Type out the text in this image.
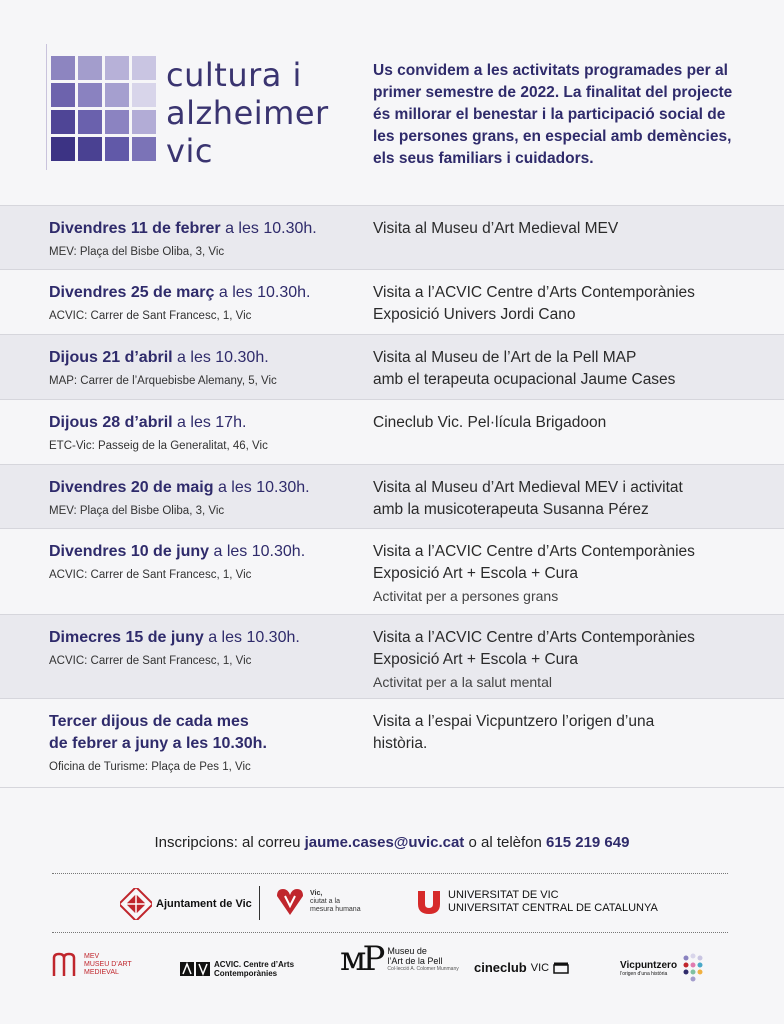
cultura i
alzheimer
vic
Us convidem a les activitats programades per al primer semestre de 2022. La finalitat del projecte és millorar el benestar i la participació social de les persones grans, en especial amb demències, els seus familiars i cuidadors.
Divendres 11 de febrer a les 10.30h.
MEV: Plaça del Bisbe Oliba, 3, Vic
Visita al Museu d’Art Medieval MEV
Divendres 25 de març a les 10.30h.
ACVIC: Carrer de Sant Francesc, 1, Vic
Visita a l’ACVIC Centre d’Arts Contemporànies
Exposició Univers Jordi Cano
Dijous 21 d’abril a les 10.30h.
MAP: Carrer de l’Arquebisbe Alemany, 5, Vic
Visita al Museu de l’Art de la Pell MAP
amb el terapeuta ocupacional Jaume Cases
Dijous 28 d’abril a les 17h.
ETC-Vic: Passeig de la Generalitat, 46, Vic
Cineclub Vic. Pel·lícula Brigadoon
Divendres 20 de maig a les 10.30h.
MEV: Plaça del Bisbe Oliba, 3, Vic
Visita al Museu d’Art Medieval MEV i activitat
amb la musicoterapeuta Susanna Pérez
Divendres 10 de juny a les 10.30h.
ACVIC: Carrer de Sant Francesc, 1, Vic
Visita a l’ACVIC Centre d’Arts Contemporànies
Exposició Art + Escola + Cura
Activitat per a persones grans
Dimecres 15 de juny a les 10.30h.
ACVIC: Carrer de Sant Francesc, 1, Vic
Visita a l’ACVIC Centre d’Arts Contemporànies
Exposició Art + Escola + Cura
Activitat per a la salut mental
Tercer dijous de cada mes
de febrer a juny a les 10.30h.
Oficina de Turisme: Plaça de Pes 1, Vic
Visita a l’espai Vicpuntzero l’origen d’una
història.
Inscripcions: al correu jaume.cases@uvic.cat o al telèfon 615 219 649
Ajuntament de Vic
Vic,
ciutat a la
mesura humana
UNIVERSITAT DE VIC
UNIVERSITAT CENTRAL DE CATALUNYA
MEV
MUSEU D’ART
MEDIEVAL
ACVIC. Centre d’Arts
Contemporànies	ᴍP Museu de
l’Art de la Pell
Col·lecció A. Colomer Munmany cineclub VIC	Vicpuntzero
l’origen d’una història
